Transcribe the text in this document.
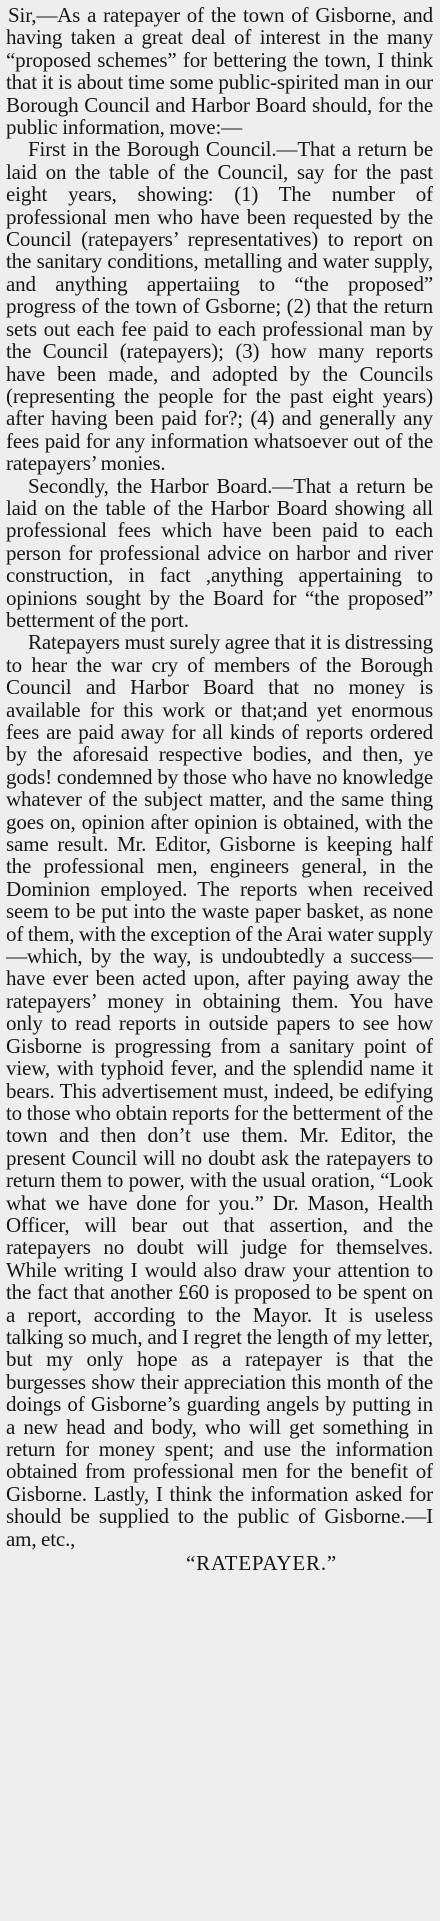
Sir,—As a ratepayer of the town of Gisborne, and having taken a great deal of interest in the many “proposed schemes” for bettering the town, I think that it is about time some public-spirited man in our Borough Council and Harbor Board should, for the public information, move:—

First in the Borough Council.—That a return be laid on the table of the Council, say for the past eight years, showing: (1) The number of professional men who have been requested by the Council (ratepayers’ representatives) to report on the sanitary conditions, metalling and water supply, and anything appertaiing to “the proposed” progress of the town of Gsborne; (2) that the return sets out each fee paid to each professional man by the Council (ratepayers); (3) how many reports have been made, and adopted by the Councils (representing the people for the past eight years) after having been paid for?; (4) and generally any fees paid for any information whatsoever out of the ratepayers’ monies.

Secondly, the Harbor Board.—That a return be laid on the table of the Harbor Board showing all professional fees which have been paid to each person for professional advice on harbor and river construction, in fact ,anything appertaining to opinions sought by the Board for “the proposed” betterment of the port.

Ratepayers must surely agree that it is distressing to hear the war cry of members of the Borough Council and Harbor Board that no money is available for this work or that;and yet enormous fees are paid away for all kinds of reports ordered by the aforesaid respective bodies, and then, ye gods! condemned by those who have no knowledge whatever of the subject matter, and the same thing goes on, opinion after opinion is obtained, with the same result. Mr. Editor, Gisborne is keeping half the professional men, engineers general, in the Dominion employed. The reports when received seem to be put into the waste paper basket, as none of them, with the exception of the Arai water supply—which, by the way, is undoubtedly a success—have ever been acted upon, after paying away the ratepayers’ money in obtaining them. You have only to read reports in outside papers to see how Gisborne is progressing from a sanitary point of view, with typhoid fever, and the splendid name it bears. This advertisement must, indeed, be edifying to those who obtain reports for the betterment of the town and then don’t use them. Mr. Editor, the present Council will no doubt ask the ratepayers to return them to power, with the usual oration, “Look what we have done for you.” Dr. Mason, Health Officer, will bear out that assertion, and the ratepayers no doubt will judge for themselves. While writing I would also draw your attention to the fact that another £60 is proposed to be spent on a report, according to the Mayor. It is useless talking so much, and I regret the length of my letter, but my only hope as a ratepayer is that the burgesses show their appreciation this month of the doings of Gisborne’s guarding angels by putting in a new head and body, who will get something in return for money spent; and use the information obtained from professional men for the benefit of Gisborne. Lastly, I think the information asked for should be supplied to the public of Gisborne.—I am, etc.,

“RATEPAYER.”
